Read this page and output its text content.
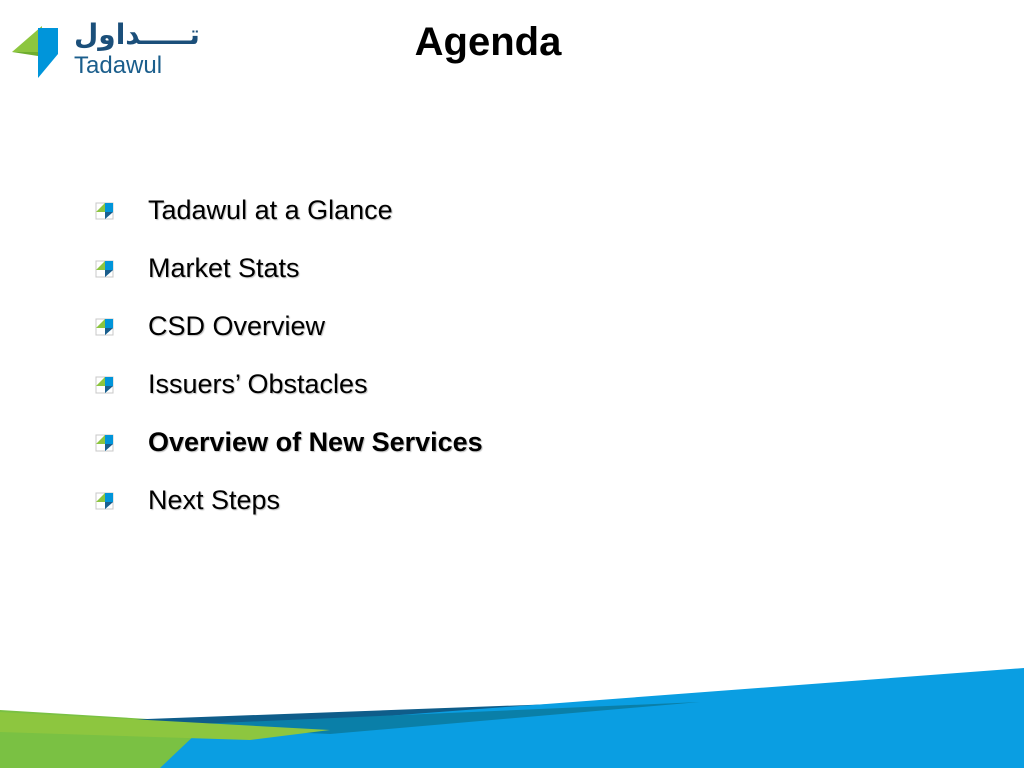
تـــــداول
Tadawul
Agenda
Tadawul at a Glance
Market Stats
CSD Overview
Issuers’ Obstacles
Overview of New Services
Next Steps
